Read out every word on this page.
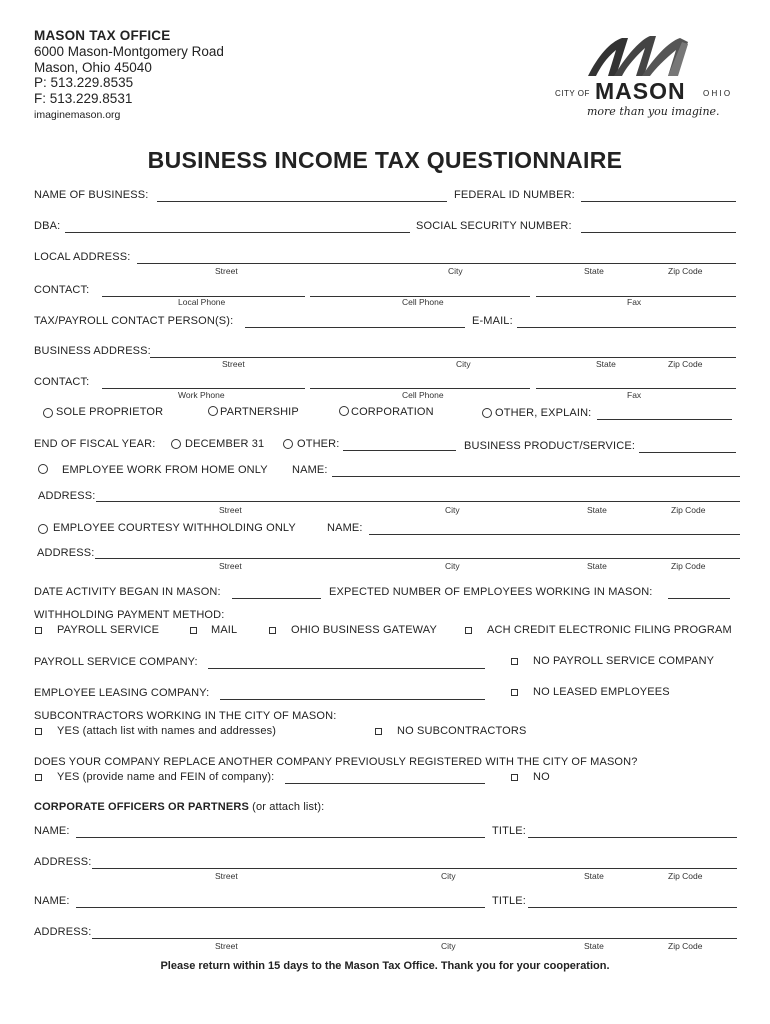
MASON TAX OFFICE
6000 Mason-Montgomery Road
Mason, Ohio 45040
P: 513.229.8535
F: 513.229.8531
imaginemason.org
CITY OF MASON O H I O
more than you imagine.
BUSINESS INCOME TAX QUESTIONNAIRE
NAME OF BUSINESS:	FEDERAL ID NUMBER:
DBA:	SOCIAL SECURITY NUMBER:
LOCAL ADDRESS:
Street	City	State	Zip Code
CONTACT:
Local Phone	Cell Phone	Fax
TAX/PAYROLL CONTACT PERSON(S):	E-MAIL:
BUSINESS ADDRESS:
Street	City	State	Zip Code
CONTACT:
Work Phone	Cell Phone	Fax
SOLE PROPRIETOR	PARTNERSHIP	CORPORATION	OTHER, EXPLAIN:
END OF FISCAL YEAR:	DECEMBER 31	OTHER:	BUSINESS PRODUCT/SERVICE:
EMPLOYEE WORK FROM HOME ONLY NAME:
ADDRESS:
Street	City	State	Zip Code
EMPLOYEE COURTESY WITHHOLDING ONLY	NAME:
ADDRESS:
Street	City	State	Zip Code
DATE ACTIVITY BEGAN IN MASON:	EXPECTED NUMBER OF EMPLOYEES WORKING IN MASON:
WITHHOLDING PAYMENT METHOD:
PAYROLL SERVICE	MAIL	OHIO BUSINESS GATEWAY	ACH CREDIT ELECTRONIC FILING PROGRAM
PAYROLL SERVICE COMPANY:	NO PAYROLL SERVICE COMPANY
EMPLOYEE LEASING COMPANY:	NO LEASED EMPLOYEES
SUBCONTRACTORS WORKING IN THE CITY OF MASON:
YES (attach list with names and addresses)	NO SUBCONTRACTORS
DOES YOUR COMPANY REPLACE ANOTHER COMPANY PREVIOUSLY REGISTERED WITH THE CITY OF MASON?
YES (provide name and FEIN of company):	NO
CORPORATE OFFICERS OR PARTNERS (or attach list):
NAME:	TITLE:
ADDRESS:
Street	City	State	Zip Code
NAME:	TITLE:
ADDRESS:
Street	City	State	Zip Code
Please return within 15 days to the Mason Tax Office. Thank you for your cooperation.
